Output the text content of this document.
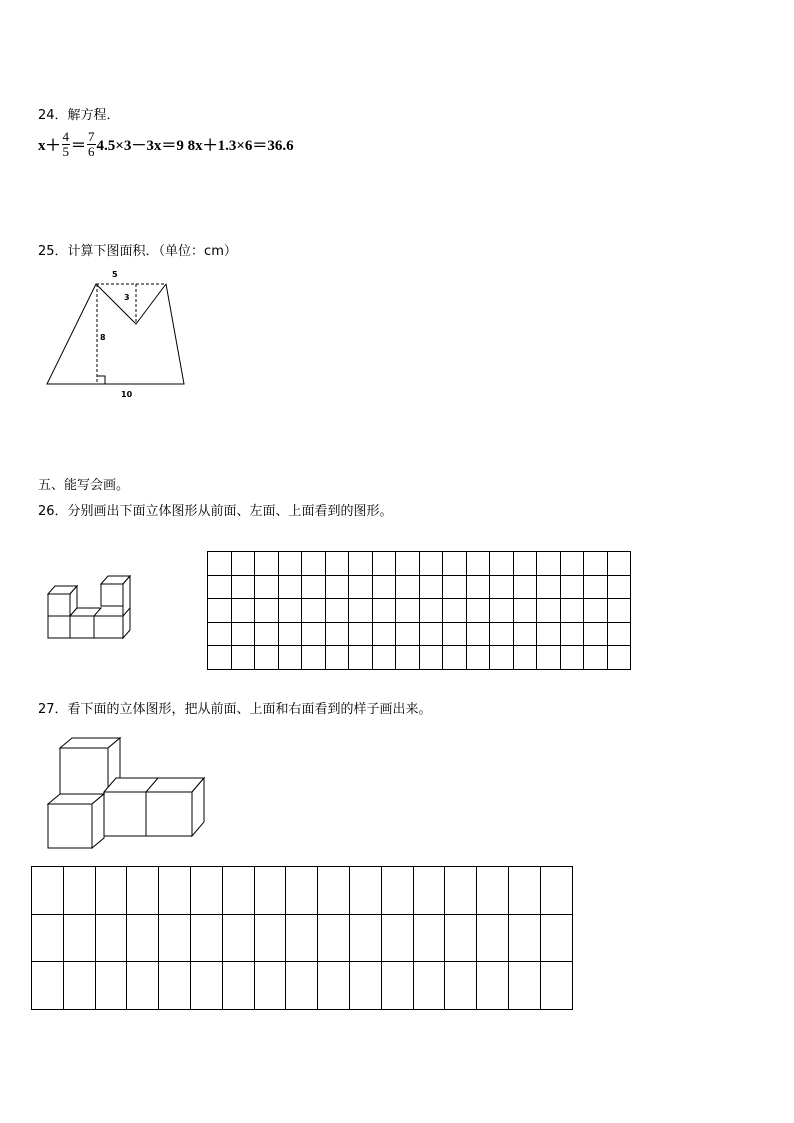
24．解方程．
$x+ \frac{4}{5} = \frac{7}{6} 4.5\times 3-3x=9$ 8x＋1.3×6＝36.6
25．计算下图面积．（单位：cm）
5
3
8
10
五、能写会画。
26．分别画出下面立体图形从前面、左面、上面看到的图形。

27．看下面的立体图形，把从前面、上面和右面看到的样子画出来。
